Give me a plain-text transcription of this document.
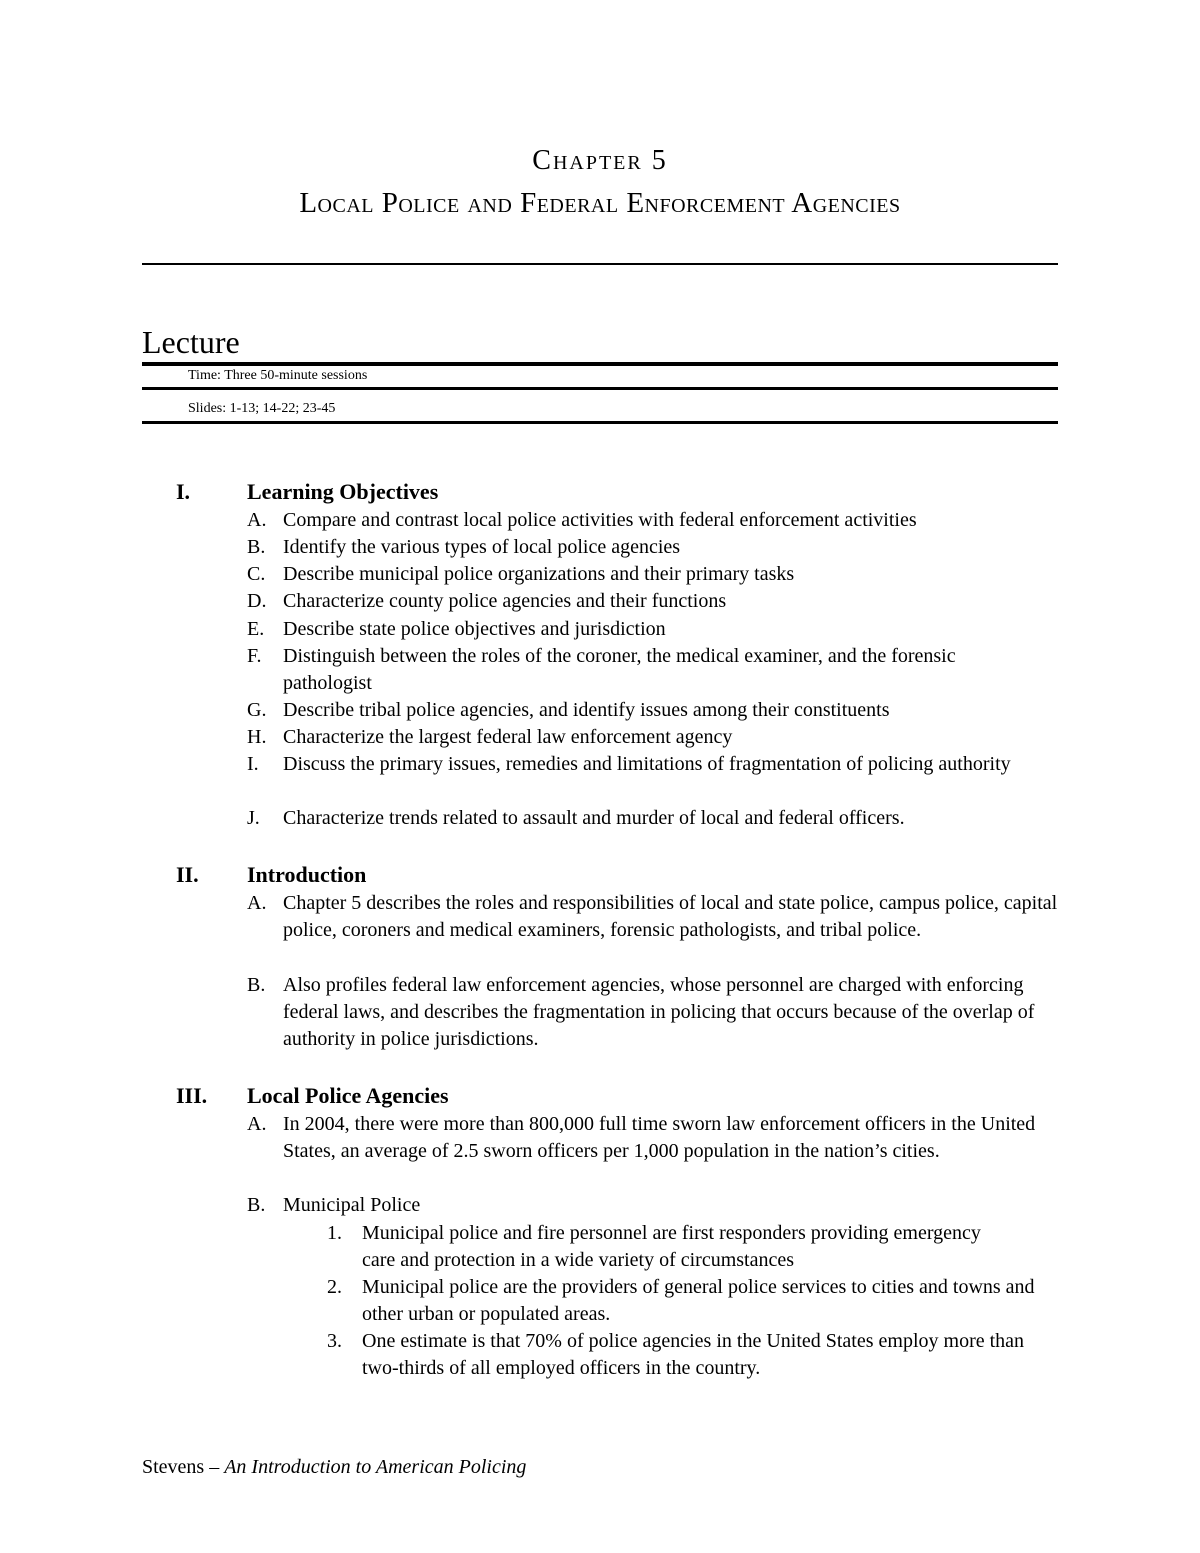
Chapter 5
Local Police and Federal Enforcement Agencies
Lecture
Time: Three 50-minute sessions
Slides: 1-13; 14-22; 23-45
I.	Learning Objectives
A. Compare and contrast local police activities with federal enforcement activities
B. Identify the various types of local police agencies
C. Describe municipal police organizations and their primary tasks
D. Characterize county police agencies and their functions
E. Describe state police objectives and jurisdiction
F. Distinguish between the roles of the coroner, the medical examiner, and the forensic pathologist
G. Describe tribal police agencies, and identify issues among their constituents
H. Characterize the largest federal law enforcement agency
I. Discuss the primary issues, remedies and limitations of fragmentation of policing authority
J. Characterize trends related to assault and murder of local and federal officers.
II. Introduction
A. Chapter 5 describes the roles and responsibilities of local and state police, campus police, capital police, coroners and medical examiners, forensic pathologists, and tribal police.
B. Also profiles federal law enforcement agencies, whose personnel are charged with enforcing federal laws, and describes the fragmentation in policing that occurs because of the overlap of authority in police jurisdictions.
III. Local Police Agencies
A. In 2004, there were more than 800,000 full time sworn law enforcement officers in the United States, an average of 2.5 sworn officers per 1,000 population in the nation’s cities.
B. Municipal Police
1. Municipal police and fire personnel are first responders providing emergency care and protection in a wide variety of circumstances
2. Municipal police are the providers of general police services to cities and towns and other urban or populated areas.
3. One estimate is that 70% of police agencies in the United States employ more than two-thirds of all employed officers in the country.
Stevens – An Introduction to American Policing
